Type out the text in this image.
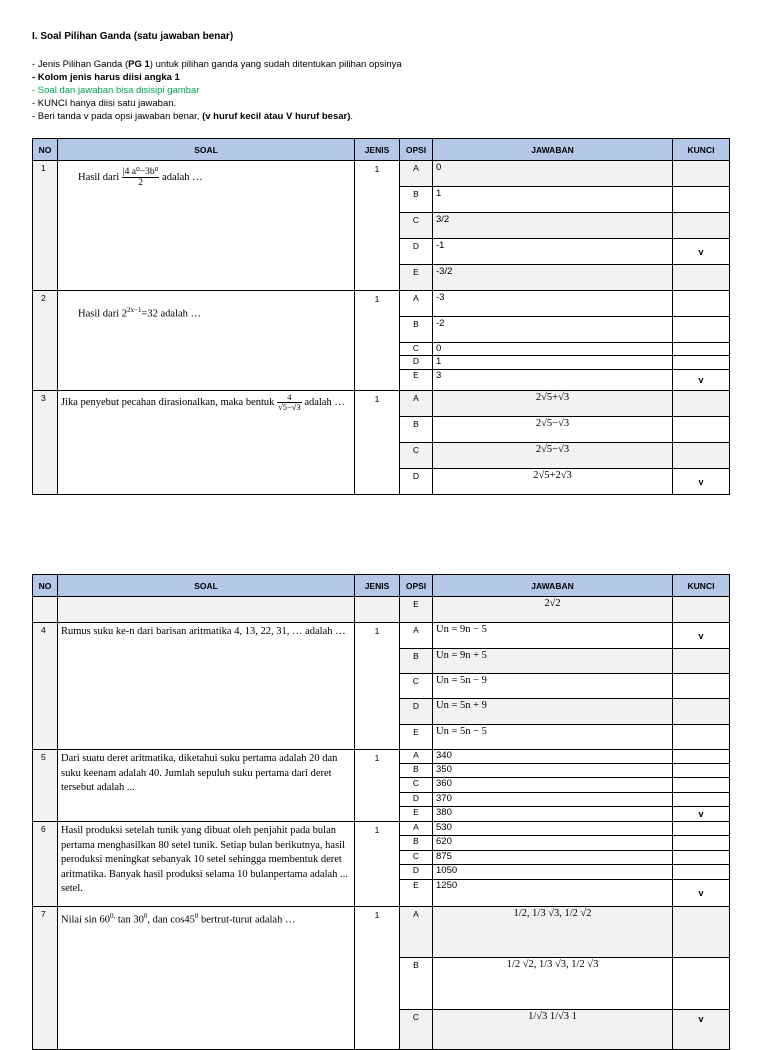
I. Soal Pilihan Ganda (satu jawaban benar)
- Jenis Pilihan Ganda (PG 1) untuk pilihan ganda yang sudah ditentukan pilihan opsinya
- Kolom jenis harus diisi angka 1
- Soal dan jawaban bisa disisipi gambar
- KUNCI hanya diisi satu jawaban.
- Beri tanda v pada opsi jawaban benar, (v huruf kecil atau V huruf besar).
NO	SOAL	JENIS	OPSI	JAWABAN	KUNCI
1	Hasil dari $\frac{\text{|4 a⁰−3b⁰}}{2}$ adalah …	1	A	0	
			B	1	
			C	3/2	
			D	-1	v
			E	-3/2	
2	Hasil dari $2^{2x-1}=32$ adalah …	1	A	-3	
			B	-2	
			C	0	
			D	1	
			E	3	v
3	Jika penyebut pecahan dirasionalkan, maka bentuk $\frac{4}{√5-√3}$ adalah …	1	A	2√5+√3	
			B	2√5−√3	
			C	2√5−√3	
			D	2√5+2√3	v
NO	SOAL	JENIS	OPSI	JAWABAN	KUNCI
			E	2√2	
4	Rumus suku ke-n dari barisan aritmatika 4, 13, 22, 31, … adalah …	1	A	Un = 9n − 5	v
			B	Un = 9n + 5	
			C	Un = 5n − 9	
			D	Un = 5n + 9	
			E	Un = 5n − 5	
5	Dari suatu deret aritmatika, diketahui suku pertama adalah 20 dan suku keenam adalah 40. Jumlah sepuluh suku pertama dari deret tersebut adalah ...	1	A	340	
			B	350	
			C	360	
			D	370	
			E	380	v
6	Hasil produksi setelah tunik yang dibuat oleh penjahit pada bulan pertama menghasilkan 80 setel tunik. Setiap bulan berikutnya, hasil peroduksi meningkat sebanyak 10 setel sehingga membentuk deret aritmatika. Banyak hasil produksi selama 10 bulanpertama adalah ... setel.	1	A	530	
			B	620	
			C	875	
			D	1050	
			E	1250	v
7	Nilai $\sin 60^{0,}$ $\tan 30^0$, dan $\cos 45^0$ bertrut-turut adalah …	1	A	1/2, 1/3 √3, 1/2 √2	
			B	1/2 √2, 1/3 √3, 1/2 √3	
			C	1/√3 1/√3 1	v
